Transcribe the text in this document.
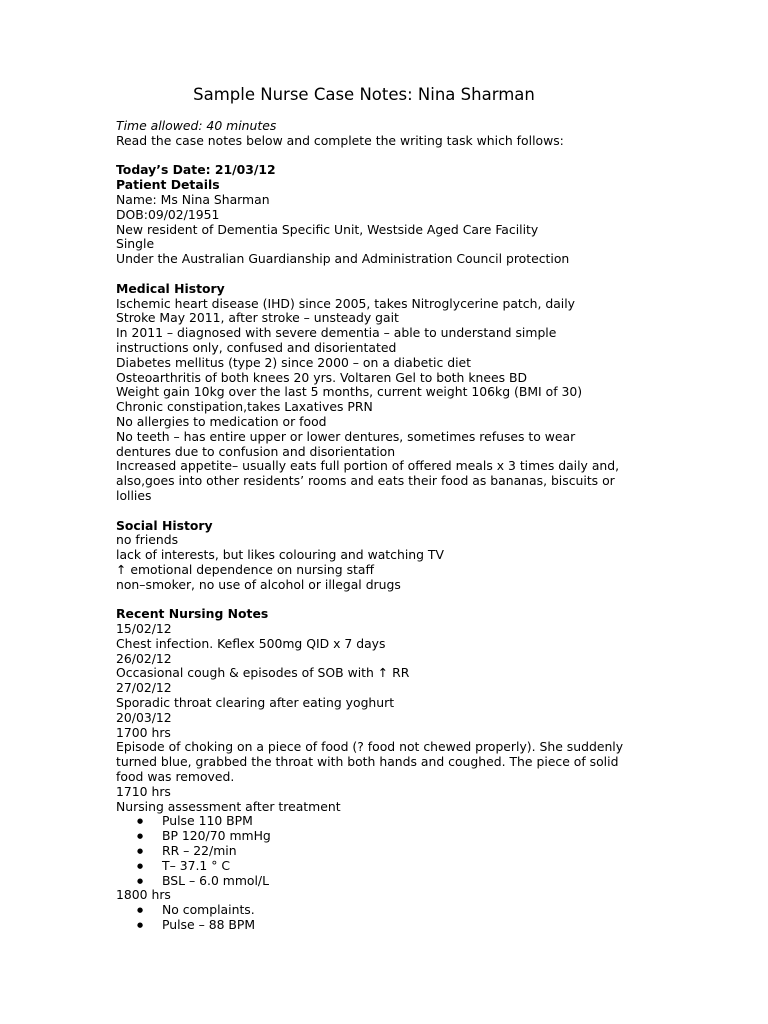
Sample Nurse Case Notes: Nina Sharman
Time allowed: 40 minutes
Read the case notes below and complete the writing task which follows:
Today’s Date: 21/03/12
Patient Details
Name: Ms Nina Sharman
DOB:09/02/1951
New resident of Dementia Specific Unit, Westside Aged Care Facility
Single
Under the Australian Guardianship and Administration Council protection
Medical History
Ischemic heart disease (IHD) since 2005, takes Nitroglycerine patch, daily
Stroke May 2011, after stroke – unsteady gait
In 2011 – diagnosed with severe dementia – able to understand simple
instructions only, confused and disorientated
Diabetes mellitus (type 2) since 2000 – on a diabetic diet
Osteoarthritis of both knees 20 yrs. Voltaren Gel to both knees BD
Weight gain 10kg over the last 5 months, current weight 106kg (BMI of 30)
Chronic constipation,takes Laxatives PRN
No allergies to medication or food
No teeth – has entire upper or lower dentures, sometimes refuses to wear
dentures due to confusion and disorientation
Increased appetite– usually eats full portion of offered meals x 3 times daily and,
also,goes into other residents’ rooms and eats their food as bananas, biscuits or
lollies
Social History
no friends
lack of interests, but likes colouring and watching TV
↑ emotional dependence on nursing staff
non–smoker, no use of alcohol or illegal drugs
Recent Nursing Notes
15/02/12
Chest infection. Keflex 500mg QID x 7 days
26/02/12
Occasional cough & episodes of SOB with ↑ RR
27/02/12
Sporadic throat clearing after eating yoghurt
20/03/12
1700 hrs
Episode of choking on a piece of food (? food not chewed properly). She suddenly
turned blue, grabbed the throat with both hands and coughed. The piece of solid
food was removed.
1710 hrs
Nursing assessment after treatment
● Pulse 110 BPM
● BP 120/70 mmHg
● RR – 22/min
● T– 37.1 ° C
● BSL – 6.0 mmol/L
1800 hrs
● No complaints.
● Pulse – 88 BPM
